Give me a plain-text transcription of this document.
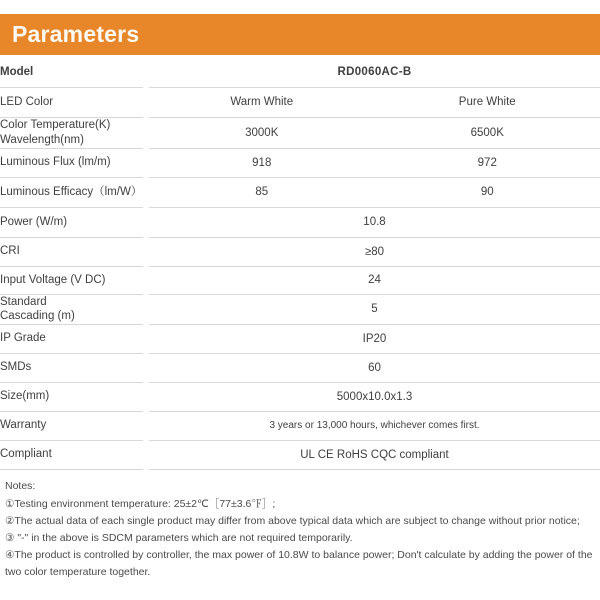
Parameters
Model		RD0060AC-B	
LED Color		Warm White	Pure White
Color Temperature(K)
Wavelength(nm)		3000K	6500K
Luminous Flux (lm/m)		918	972
Luminous Efficacy（lm/W）		85	90
Power (W/m)		10.8	
CRI		≥80	
Input Voltage (V DC)		24	
Standard
Cascading (m)		5	
IP Grade		IP20	
SMDs		60	
Size(mm)		5000x10.0x1.3	
Warranty		3 years or 13,000 hours, whichever comes first.	
Compliant		UL CE RoHS CQC compliant	
Notes:
①Testing environment temperature: 25±2℃［77±3.6℉］;
②The actual data of each single product may differ from above typical data which are subject to change without prior notice;
③ "-" in the above is SDCM parameters which are not required temporarily.
④The product is controlled by controller, the max power of 10.8W to balance power; Don't calculate by adding the power of the two color temperature together.
